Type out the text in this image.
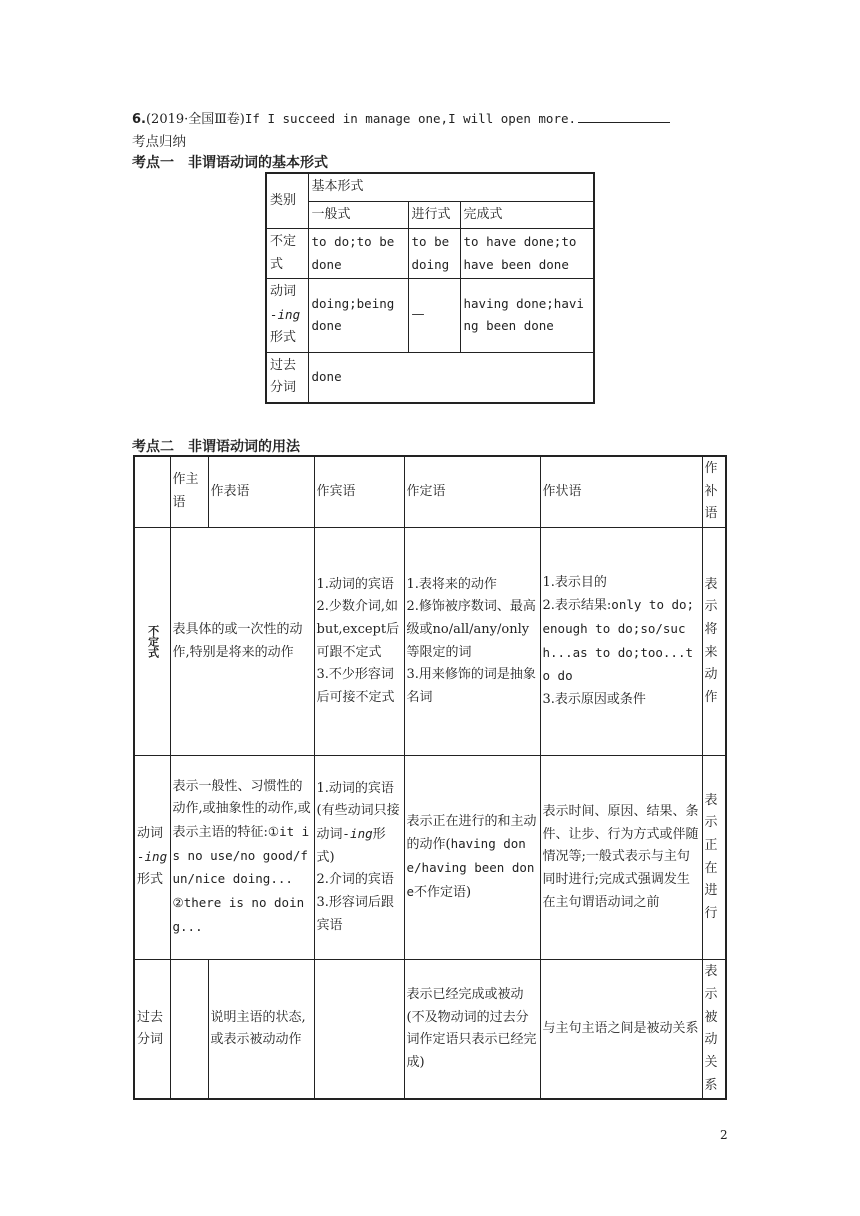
6.(2019·全国Ⅲ卷)If I succeed in manage one,I will open more.
考点归纳
考点一　非谓语动词的基本形式
类别	基本形式		
	一般式	进行式	完成式
不定式	to do;to be done	to be doing	to have done;to have been done
动词
-ing
形式	doing;being done	—	having done;having been done
过去分词	done		
考点二　非谓语动词的用法
	作主语	作表语	作宾语	作定语	作状语	作补语
不定式	表具体的或一次性的动作,特别是将来的动作		1.动词的宾语
2.少数介词,如but,except后可跟不定式
3.不少形容词后可接不定式	1.表将来的动作
2.修饰被序数词、最高级或no/all/any/only等限定的词
3.用来修饰的词是抽象名词	1.表示目的
2.表示结果:only to do;enough to do;so/such...as to do;too...to do
3.表示原因或条件	表示将来动作
动词
-ing
形式	表示一般性、习惯性的动作,或抽象性的动作,或表示主语的特征:①it is no use/no good/fun/nice doing...
②there is no doing...		1.动词的宾语(有些动词只接动词-ing形式)
2.介词的宾语
3.形容词后跟宾语	表示正在进行的和主动的动作(having done/having been done不作定语)	表示时间、原因、结果、条件、让步、行为方式或伴随情况等;一般式表示与主句同时进行;完成式强调发生在主句谓语动词之前	表示正在进行
过去分词		说明主语的状态,或表示被动动作		表示已经完成或被动(不及物动词的过去分词作定语只表示已经完成)	与主句主语之间是被动关系	表示被动关系
2
